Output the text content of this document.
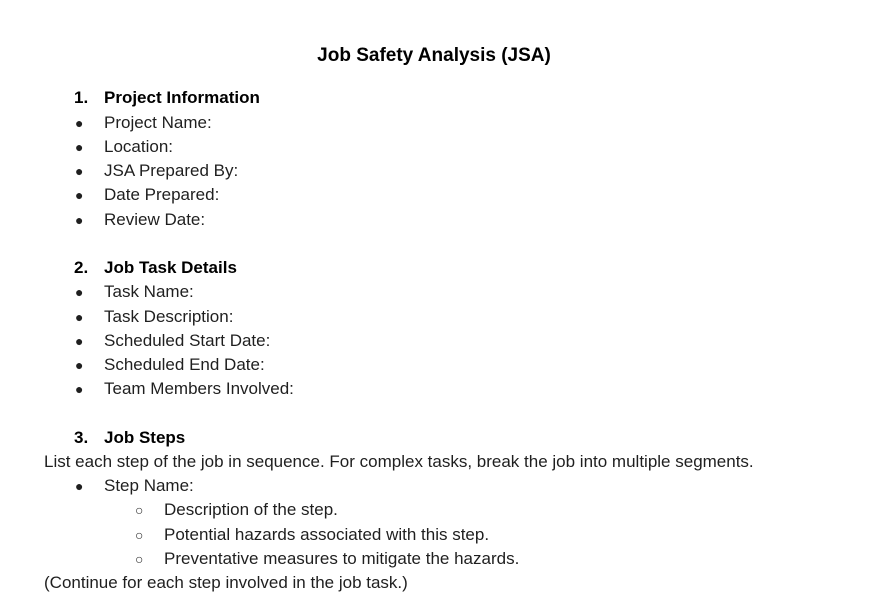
Job Safety Analysis (JSA)
1. Project Information
● Project Name:
● Location:
● JSA Prepared By:
● Date Prepared:
● Review Date:
2. Job Task Details
● Task Name:
● Task Description:
● Scheduled Start Date:
● Scheduled End Date:
● Team Members Involved:
3. Job Steps
List each step of the job in sequence. For complex tasks, break the job into multiple segments.
● Step Name:
○ Description of the step.
○ Potential hazards associated with this step.
○ Preventative measures to mitigate the hazards.
(Continue for each step involved in the job task.)
